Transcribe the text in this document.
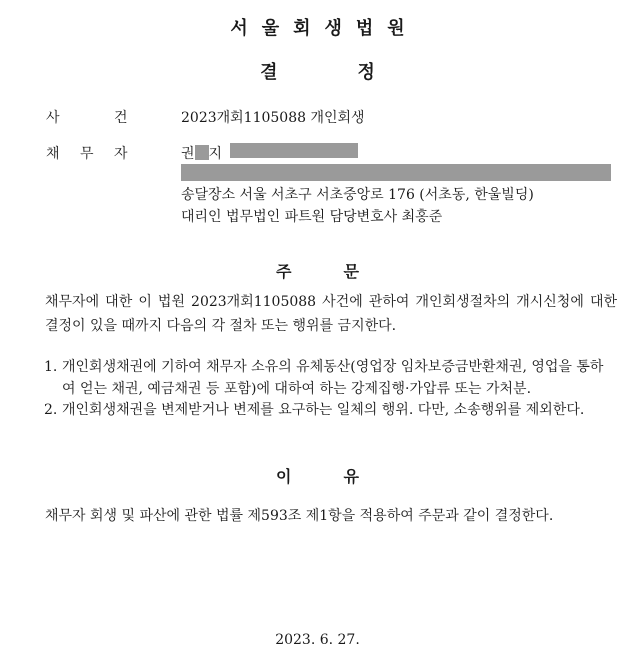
서울회생법원
결	정
사	건	2023개회1105088 개인회생
채 무 자	권 지
송달장소 서울 서초구 서초중앙로 176 (서초동, 한울빌딩)
대리인 법무법인 파트원 담당변호사 최홍준
주	문
채무자에 대한 이 법원 2023개회1105088 사건에 관하여 개인회생절차의 개시신청에 대한 결정이 있을 때까지 다음의 각 절차 또는 행위를 금지한다.
1. 개인회생채권에 기하여 채무자 소유의 유체동산(영업장 임차보증금반환채권, 영업을 통하여 얻는 채권, 예금채권 등 포함)에 대하여 하는 강제집행·가압류 또는 가처분.
2. 개인회생채권을 변제받거나 변제를 요구하는 일체의 행위. 다만, 소송행위를 제외한다.
이	유
채무자 회생 및 파산에 관한 법률 제593조 제1항을 적용하여 주문과 같이 결정한다.
2023. 6. 27.
